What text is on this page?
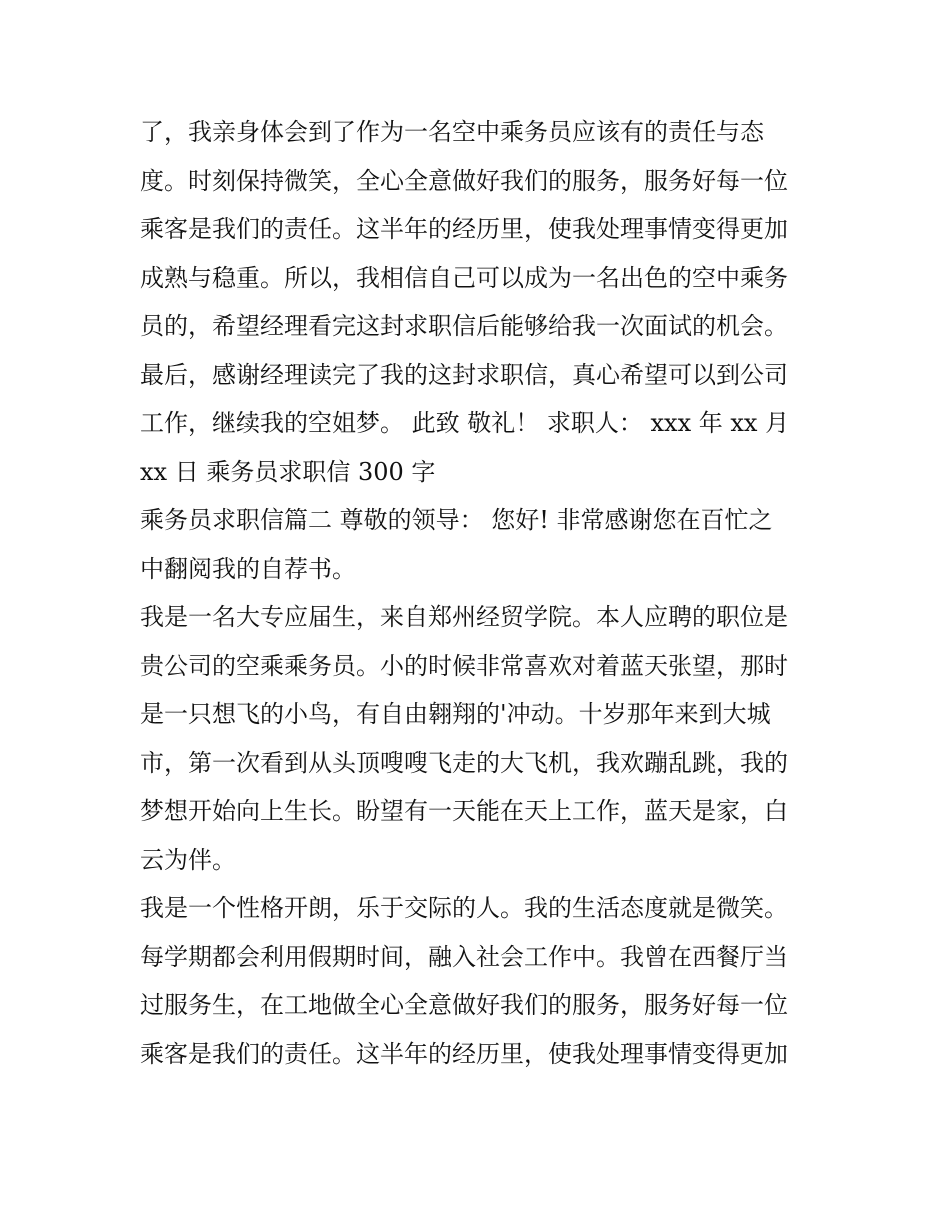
了，我亲身体会到了作为一名空中乘务员应该有的责任与态
度。时刻保持微笑，全心全意做好我们的服务，服务好每一位
乘客是我们的责任。这半年的经历里，使我处理事情变得更加
成熟与稳重。所以，我相信自己可以成为一名出色的空中乘务
员的，希望经理看完这封求职信后能够给我一次面试的机会。
最后，感谢经理读完了我的这封求职信，真心希望可以到公司
工作，继续我的空姐梦。 此致 敬礼！ 求职人： xxx 年 xx 月
xx 日 乘务员求职信 300 字
乘务员求职信篇二 尊敬的领导： 您好! 非常感谢您在百忙之
中翻阅我的自荐书。
我是一名大专应届生，来自郑州经贸学院。本人应聘的职位是
贵公司的空乘乘务员。小的时候非常喜欢对着蓝天张望，那时
是一只想飞的小鸟，有自由翱翔的'冲动。十岁那年来到大城
市，第一次看到从头顶嗖嗖飞走的大飞机，我欢蹦乱跳，我的
梦想开始向上生长。盼望有一天能在天上工作，蓝天是家，白
云为伴。
我是一个性格开朗，乐于交际的人。我的生活态度就是微笑。
每学期都会利用假期时间，融入社会工作中。我曾在西餐厅当
过服务生，在工地做全心全意做好我们的服务，服务好每一位
乘客是我们的责任。这半年的经历里，使我处理事情变得更加
